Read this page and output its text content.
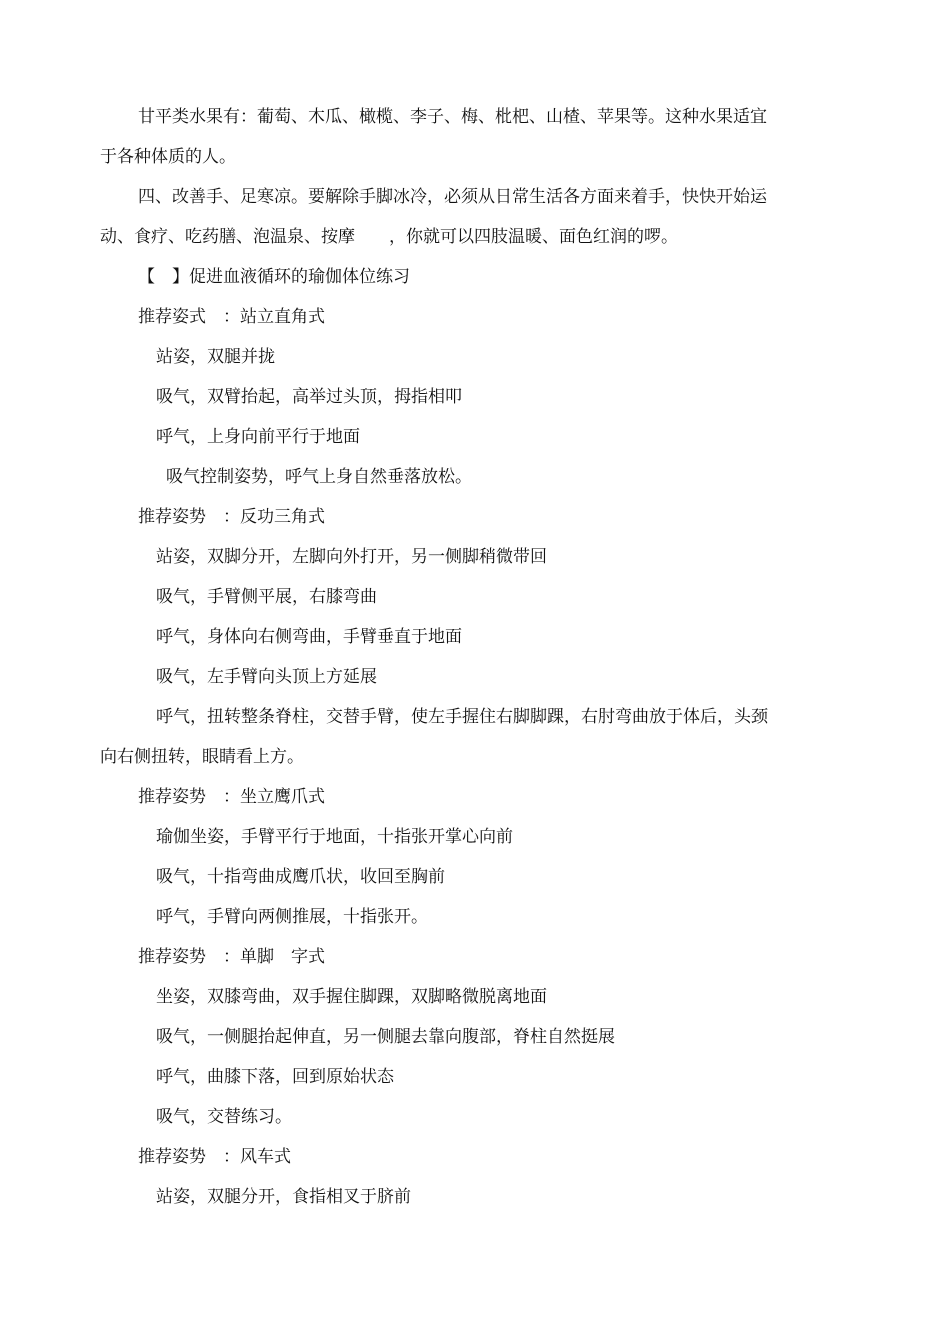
甘平类水果有：葡萄、木瓜、橄榄、李子、梅、枇杷、山楂、苹果等。这种水果适宜
于各种体质的人。
四、改善手、足寒凉。要解除手脚冰冷，必须从日常生活各方面来着手，快快开始运
动、食疗、吃药膳、泡温泉、按摩　　，你就可以四肢温暖、面色红润的啰。
【　】促进血液循环的瑜伽体位练习
推荐姿式　：站立直角式
站姿，双腿并拢
吸气，双臂抬起，高举过头顶，拇指相叩
呼气，上身向前平行于地面
吸气控制姿势，呼气上身自然垂落放松。
推荐姿势　：反功三角式
站姿，双脚分开，左脚向外打开，另一侧脚稍微带回
吸气，手臂侧平展，右膝弯曲
呼气，身体向右侧弯曲，手臂垂直于地面
吸气，左手臂向头顶上方延展
呼气，扭转整条脊柱，交替手臂，使左手握住右脚脚踝，右肘弯曲放于体后，头颈
向右侧扭转，眼睛看上方。
推荐姿势　：坐立鹰爪式
瑜伽坐姿，手臂平行于地面，十指张开掌心向前
吸气，十指弯曲成鹰爪状，收回至胸前
呼气，手臂向两侧推展，十指张开。
推荐姿势　：单脚　字式
坐姿，双膝弯曲，双手握住脚踝，双脚略微脱离地面
吸气，一侧腿抬起伸直，另一侧腿去靠向腹部，脊柱自然挺展
呼气，曲膝下落，回到原始状态
吸气，交替练习。
推荐姿势　：风车式
站姿，双腿分开，食指相叉于脐前
